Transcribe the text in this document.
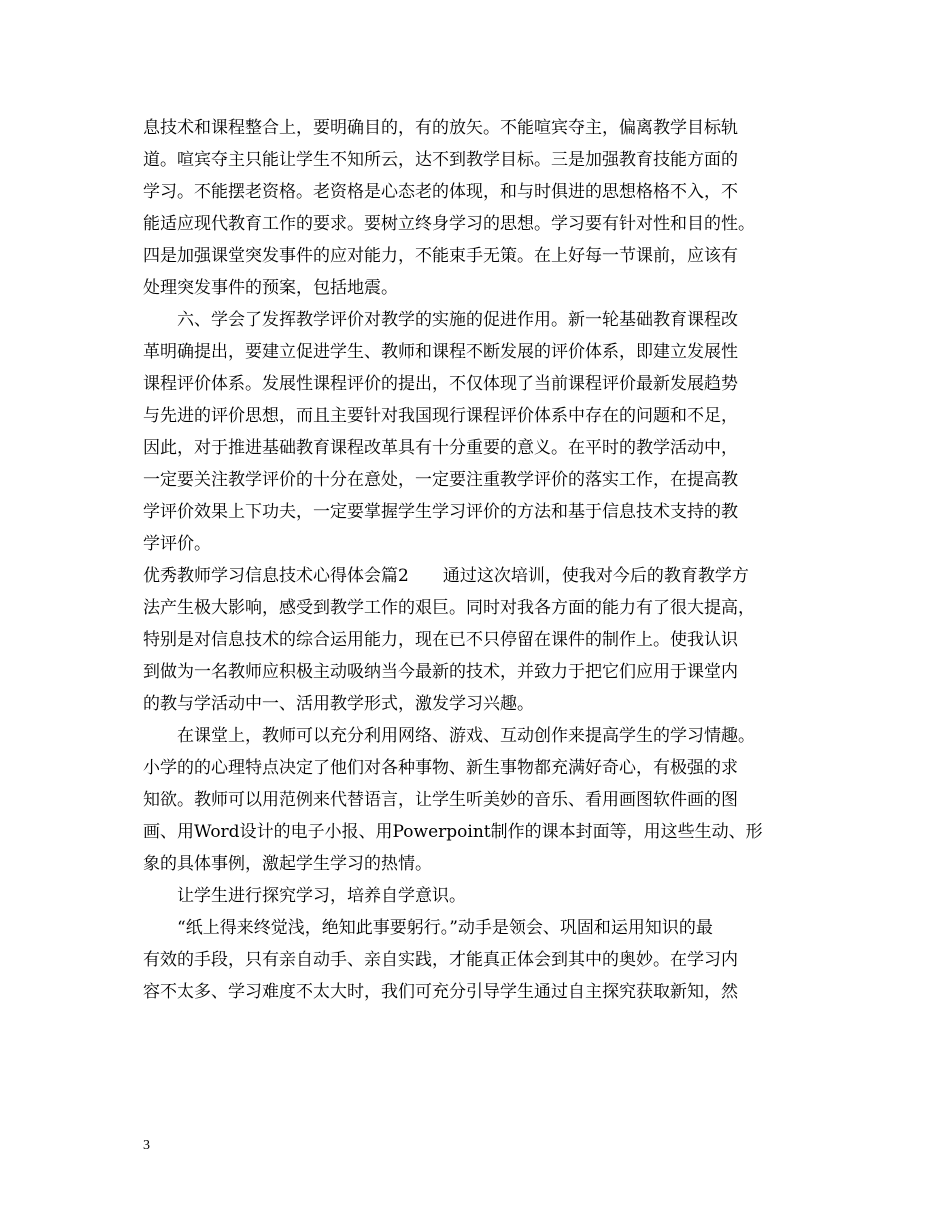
息技术和课程整合上，要明确目的，有的放矢。不能喧宾夺主，偏离教学目标轨

道。喧宾夺主只能让学生不知所云，达不到教学目标。三是加强教育技能方面的

学习。不能摆老资格。老资格是心态老的体现，和与时俱进的思想格格不入，不

能适应现代教育工作的要求。要树立终身学习的思想。学习要有针对性和目的性。

四是加强课堂突发事件的应对能力，不能束手无策。在上好每一节课前，应该有

处理突发事件的预案，包括地震。

　　六、学会了发挥教学评价对教学的实施的促进作用。新一轮基础教育课程改

革明确提出，要建立促进学生、教师和课程不断发展的评价体系，即建立发展性

课程评价体系。发展性课程评价的提出，不仅体现了当前课程评价最新发展趋势

与先进的评价思想，而且主要针对我国现行课程评价体系中存在的问题和不足，

因此，对于推进基础教育课程改革具有十分重要的意义。在平时的教学活动中，

一定要关注教学评价的十分在意处，一定要注重教学评价的落实工作，在提高教

学评价效果上下功夫，一定要掌握学生学习评价的方法和基于信息技术支持的教

学评价。

优秀教师学习信息技术心得体会篇2　　通过这次培训，使我对今后的教育教学方

法产生极大影响，感受到教学工作的艰巨。同时对我各方面的能力有了很大提高，

特别是对信息技术的综合运用能力，现在已不只停留在课件的制作上。使我认识

到做为一名教师应积极主动吸纳当今最新的技术，并致力于把它们应用于课堂内

的教与学活动中一、活用教学形式，激发学习兴趣。

　　在课堂上，教师可以充分利用网络、游戏、互动创作来提高学生的学习情趣。

小学的的心理特点决定了他们对各种事物、新生事物都充满好奇心，有极强的求

知欲。教师可以用范例来代替语言，让学生听美妙的音乐、看用画图软件画的图

画、用Word设计的电子小报、用Powerpoint制作的课本封面等，用这些生动、形

象的具体事例，激起学生学习的热情。

　　让学生进行探究学习，培养自学意识。

　　“纸上得来终觉浅，绝知此事要躬行。”动手是领会、巩固和运用知识的最

有效的手段，只有亲自动手、亲自实践，才能真正体会到其中的奥妙。在学习内

容不太多、学习难度不太大时，我们可充分引导学生通过自主探究获取新知，然

3
